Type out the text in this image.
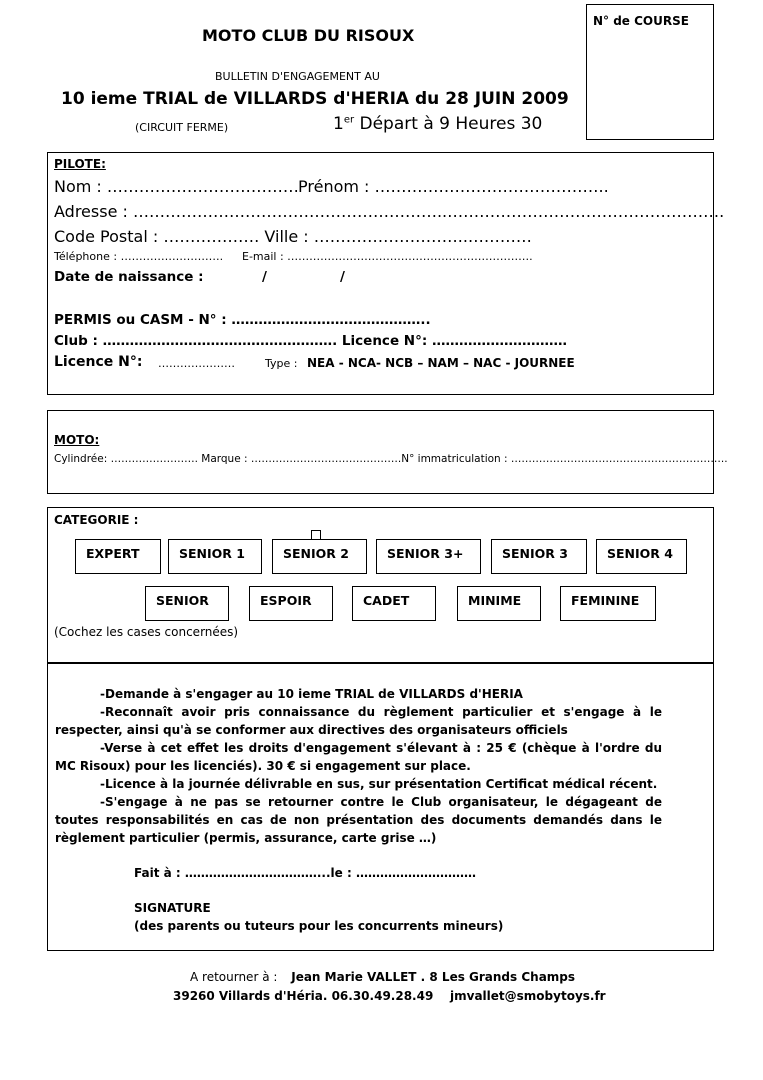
MOTO CLUB DU RISOUX
BULLETIN D'ENGAGEMENT AU
10 ieme TRIAL de VILLARDS d'HERIA du 28 JUIN 2009
(CIRCUIT FERME)	1er Départ à 9 Heures 30
N° de COURSE
PILOTE:
Nom : ……………………………… Prénom : ……………………………………..
Adresse : …………………………………………………..…………………………………………….
Code Postal : ……………… Ville : ………………………..…………
Téléphone : ………………………. E-mail : ………………………………………………………….
Date de naissance :	/	/
PERMIS ou CASM - N° : ……………………………………..
Club : ……………………………………………. Licence N°: …………………………
Licence N°: …………………	Type : NEA - NCA- NCB – NAM – NAC - JOURNEE
MOTO:
Cylindrée: ……………………. Marque : …………………………………….N° immatriculation : ……………………………………………………..
CATEGORIE :
EXPERT	SENIOR 1	SENIOR 2	SENIOR 3+	SENIOR 3	SENIOR 4
SENIOR	ESPOIR	CADET	MINIME	FEMININE
(Cochez les cases concernées)

-Demande à s'engager au 10 ieme TRIAL de VILLARDS d'HERIA

-Reconnaît avoir pris connaissance du règlement particulier et s'engage à le respecter, ainsi qu'à se conformer aux directives des organisateurs officiels

-Verse à cet effet les droits d'engagement s'élevant à : 25 € (chèque à l'ordre du MC Risoux) pour les licenciés). 30 € si engagement sur place.

-Licence à la journée délivrable en sus, sur présentation Certificat médical récent.

-S'engage à ne pas se retourner contre le Club organisateur, le dégageant de toutes responsabilités en cas de non présentation des documents demandés dans le règlement particulier (permis, assurance, carte grise …)

Fait à : ……………………………...le : …………………………
SIGNATURE
(des parents ou tuteurs pour les concurrents mineurs)
A retourner à : Jean Marie VALLET . 8 Les Grands Champs
39260 Villards d'Héria. 06.30.49.28.49    jmvallet@smobytoys.fr
